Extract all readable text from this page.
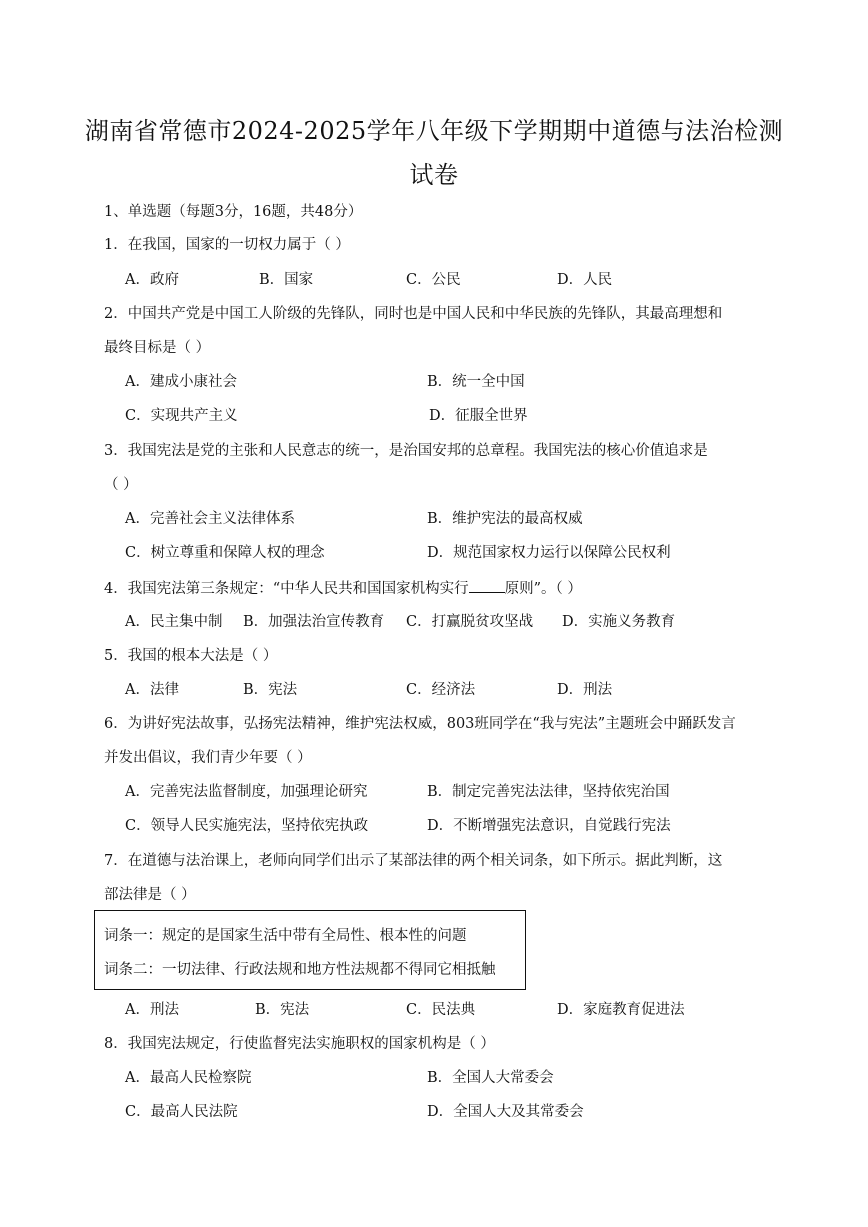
湖南省常德市2024-2025学年八年级下学期期中道德与法治检测
试卷
1、单选题（每题3分，16题，共48分）
1．在我国，国家的一切权力属于（ ）
A．政府	B．国家	C．公民	D．人民
2．中国共产党是中国工人阶级的先锋队，同时也是中国人民和中华民族的先锋队，其最高理想和
最终目标是（ ）
A．建成小康社会	B．统一全中国
C．实现共产主义	D．征服全世界
3．我国宪法是党的主张和人民意志的统一，是治国安邦的总章程。我国宪法的核心价值追求是
（ ）
A．完善社会主义法律体系	B．维护宪法的最高权威
C．树立尊重和保障人权的理念	D．规范国家权力运行以保障公民权利
4．我国宪法第三条规定：“中华人民共和国国家机构实行 原则”。（ ）
A．民主集中制 B．加强法治宣传教育 C．打赢脱贫攻坚战 D．实施义务教育
5．我国的根本大法是（ ）
A．法律	B．宪法	C．经济法	D．刑法
6．为讲好宪法故事，弘扬宪法精神，维护宪法权威，803班同学在“我与宪法”主题班会中踊跃发言
并发出倡议，我们青少年要（ ）
A．完善宪法监督制度，加强理论研究	B．制定完善宪法法律，坚持依宪治国
C．领导人民实施宪法，坚持依宪执政	D．不断增强宪法意识，自觉践行宪法
7．在道德与法治课上，老师向同学们出示了某部法律的两个相关词条，如下所示。据此判断，这
部法律是（ ）
词条一：规定的是国家生活中带有全局性、根本性的问题
词条二：一切法律、行政法规和地方性法规都不得同它相抵触
A．刑法	B．宪法	C．民法典	D．家庭教育促进法
8．我国宪法规定，行使监督宪法实施职权的国家机构是（ ）
A．最高人民检察院	B．全国人大常委会
C．最高人民法院	D．全国人大及其常委会
